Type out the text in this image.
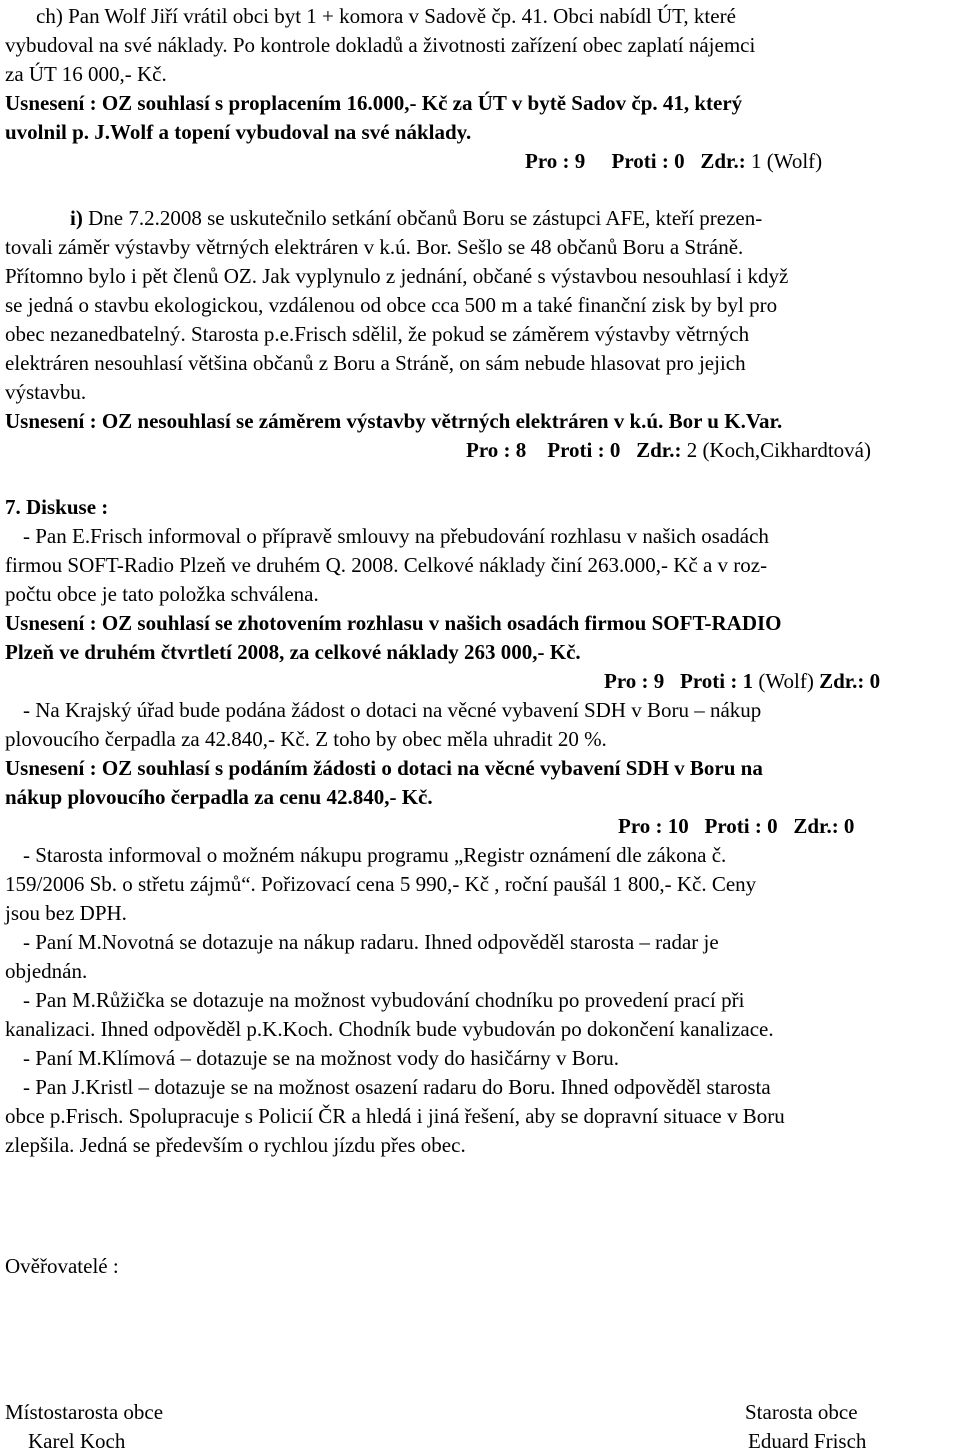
ch) Pan Wolf Jiří vrátil obci byt 1 + komora v Sadově čp. 41. Obci nabídl ÚT, které
vybudoval na své náklady. Po kontrole dokladů a životnosti zařízení obec zaplatí nájemci
za ÚT 16 000,- Kč.
Usnesení : OZ souhlasí s proplacením 16.000,- Kč za ÚT v bytě Sadov čp. 41, který
uvolnil p. J.Wolf a topení vybudoval na své náklady.
Pro : 9 Proti : 0 Zdr.: 1 (Wolf)
i) Dne 7.2.2008 se uskutečnilo setkání občanů Boru se zástupci AFE, kteří prezen-
tovali záměr výstavby větrných elektráren v k.ú. Bor. Sešlo se 48 občanů Boru a Stráně.
Přítomno bylo i pět členů OZ. Jak vyplynulo z jednání, občané s výstavbou nesouhlasí i když
se jedná o stavbu ekologickou, vzdálenou od obce cca 500 m a také finanční zisk by byl pro
obec nezanedbatelný. Starosta p.e.Frisch sdělil, že pokud se záměrem výstavby větrných
elektráren nesouhlasí většina občanů z Boru a Stráně, on sám nebude hlasovat pro jejich
výstavbu.
Usnesení : OZ nesouhlasí se záměrem výstavby větrných elektráren v k.ú. Bor u K.Var.
Pro : 8 Proti : 0 Zdr.: 2 (Koch,Cikhardtová)
7. Diskuse :
- Pan E.Frisch informoval o přípravě smlouvy na přebudování rozhlasu v našich osadách
firmou SOFT-Radio Plzeň ve druhém Q. 2008. Celkové náklady činí 263.000,- Kč a v roz-
počtu obce je tato položka schválena.
Usnesení : OZ souhlasí se zhotovením rozhlasu v našich osadách firmou SOFT-RADIO
Plzeň ve druhém čtvrtletí 2008, za celkové náklady 263 000,- Kč.
Pro : 9 Proti : 1 (Wolf) Zdr.: 0
- Na Krajský úřad bude podána žádost o dotaci na věcné vybavení SDH v Boru – nákup
plovoucího čerpadla za 42.840,- Kč. Z toho by obec měla uhradit 20 %.
Usnesení : OZ souhlasí s podáním žádosti o dotaci na věcné vybavení SDH v Boru na
nákup plovoucího čerpadla za cenu 42.840,- Kč.
Pro : 10 Proti : 0 Zdr.: 0
- Starosta informoval o možném nákupu programu „Registr oznámení dle zákona č.
159/2006 Sb. o střetu zájmů“. Pořizovací cena 5 990,- Kč , roční paušál 1 800,- Kč. Ceny
jsou bez DPH.
- Paní M.Novotná se dotazuje na nákup radaru. Ihned odpověděl starosta – radar je
objednán.
- Pan M.Růžička se dotazuje na možnost vybudování chodníku po provedení prací při
kanalizaci. Ihned odpověděl p.K.Koch. Chodník bude vybudován po dokončení kanalizace.
- Paní M.Klímová – dotazuje se na možnost vody do hasičárny v Boru.
- Pan J.Kristl – dotazuje se na možnost osazení radaru do Boru. Ihned odpověděl starosta
obce p.Frisch. Spolupracuje s Policií ČR a hledá i jiná řešení, aby se dopravní situace v Boru
zlepšila. Jedná se především o rychlou jízdu přes obec.
Ověřovatelé :
Místostarosta obce
Karel Koch
Starosta obce
Eduard Frisch
